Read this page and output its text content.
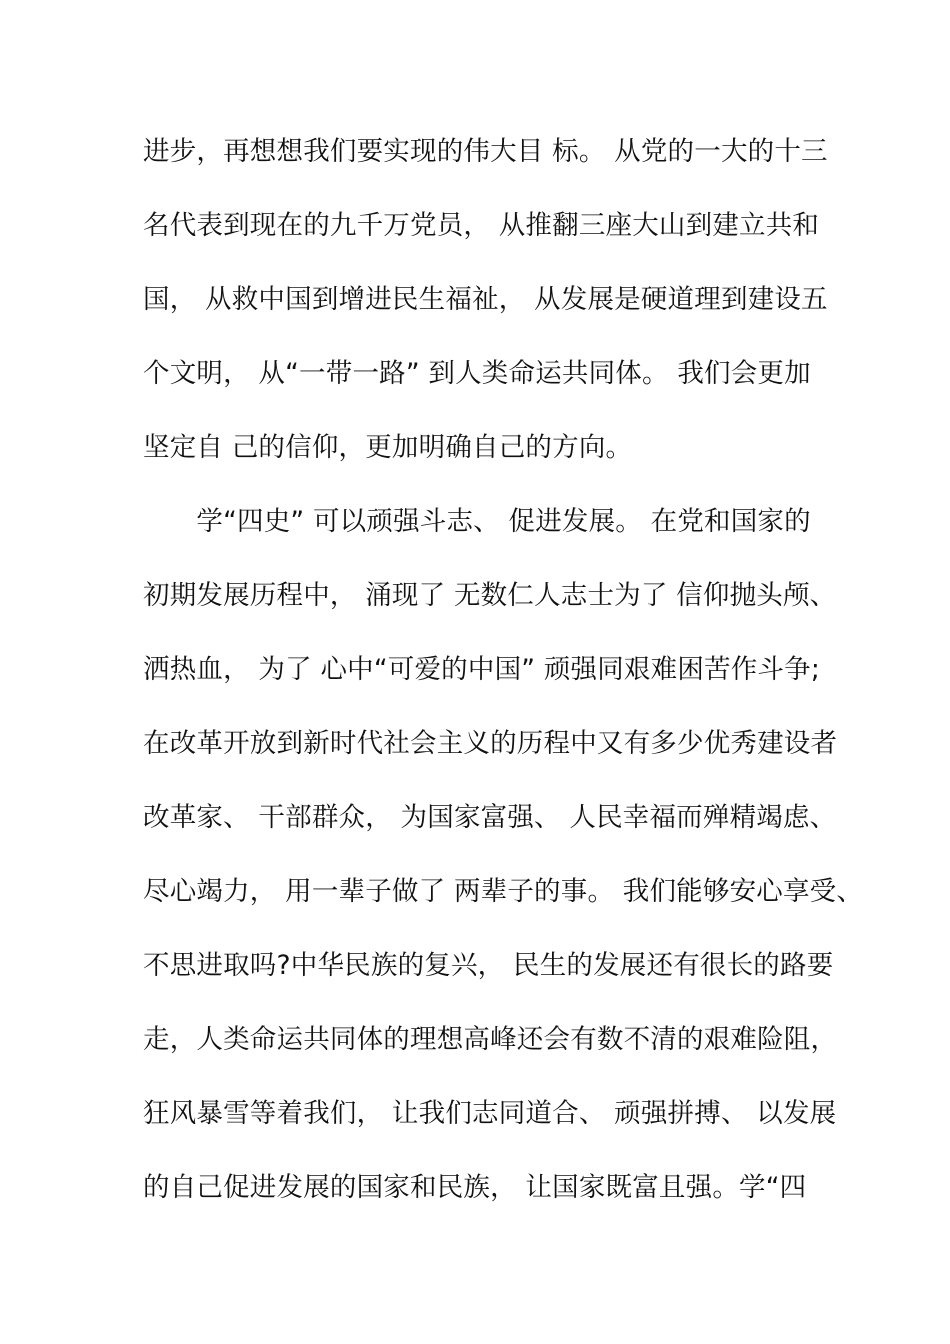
进步，再想想我们要实现的伟大目 标。 从党的一大的十三
名代表到现在的九千万党员， 从推翻三座大山到建立共和
国， 从救中国到增进民生福祉， 从发展是硬道理到建设五
个文明， 从“一带一路” 到人类命运共同体。 我们会更加
坚定自 己的信仰，更加明确自己的方向。
　　学“四史” 可以顽强斗志、 促进发展。 在党和国家的
初期发展历程中， 涌现了 无数仁人志士为了 信仰抛头颅、
洒热血， 为了 心中“可爱的中国” 顽强同艰难困苦作斗争;
在改革开放到新时代社会主义的历程中又有多少优秀建设者
改革家、 干部群众， 为国家富强、 人民幸福而殚精竭虑、
尽心竭力， 用一辈子做了 两辈子的事。 我们能够安心享受、
不思进取吗?中华民族的复兴， 民生的发展还有很长的路要
走，人类命运共同体的理想高峰还会有数不清的艰难险阻，
狂风暴雪等着我们， 让我们志同道合、 顽强拼搏、 以发展
的自己促进发展的国家和民族， 让国家既富且强。学“四
